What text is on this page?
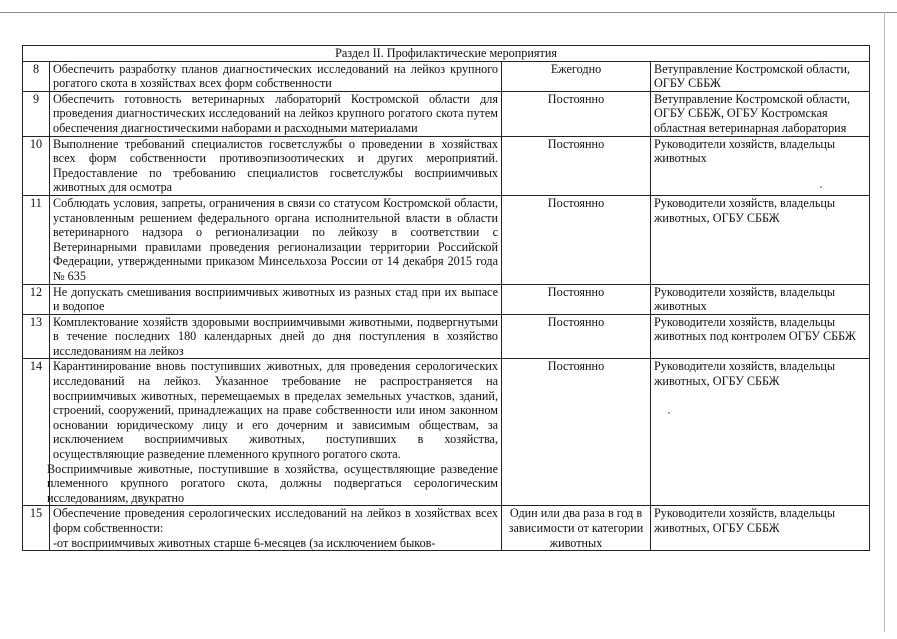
Раздел II. Профилактические мероприятия			
8	Обеспечить разработку планов диагностических исследований на лейкоз крупного рогатого скота в хозяйствах всех форм собственности	Ежегодно	Ветуправление Костромской области, ОГБУ СББЖ
9	Обеспечить готовность ветеринарных лабораторий Костромской области для проведения диагностических исследований на лейкоз крупного рогатого скота путем обеспечения диагностическими наборами и расходными материалами	Постоянно	Ветуправление Костромской области, ОГБУ СББЖ, ОГБУ Костромская областная ветеринарная лаборатория
10	Выполнение требований специалистов госветслужбы о проведении в хозяйствах всех форм собственности противоэпизоотических и других мероприятий. Предоставление по требованию специалистов госветслужбы восприимчивых животных для осмотра	Постоянно	Руководители хозяйств, владельцы животных
11	Соблюдать условия, запреты, ограничения в связи со статусом Костромской области, установленным решением федерального органа исполнительной власти в области ветеринарного надзора о регионализации по лейкозу в соответствии с Ветеринарными правилами проведения регионализации территории Российской Федерации, утвержденными приказом Минсельхоза России от 14 декабря 2015 года № 635	Постоянно	Руководители хозяйств, владельцы животных, ОГБУ СББЖ
12	Не допускать смешивания восприимчивых животных из разных стад при их выпасе и водопое	Постоянно	Руководители хозяйств, владельцы животных
13	Комплектование хозяйств здоровыми восприимчивыми животными, подвергнутыми в течение последних 180 календарных дней до дня поступления в хозяйство исследованиям на лейкоз	Постоянно	Руководители хозяйств, владельцы животных под контролем ОГБУ СББЖ
14	Карантинирование вновь поступивших животных, для проведения серологических исследований на лейкоз. Указанное требование не распространяется на восприимчивых животных, перемещаемых в пределах земельных участков, зданий, строений, сооружений, принадлежащих на праве собственности или ином законном основании юридическому лицу и его дочерним и зависимым обществам, за исключением восприимчивых животных, поступивших в хозяйства, осуществляющие разведение племенного крупного рогатого скота.
Восприимчивые животные, поступившие в хозяйства, осуществляющие разведение племенного крупного рогатого скота, должны подвергаться серологическим исследованиям, двукратно	Постоянно	Руководители хозяйств, владельцы животных, ОГБУ СББЖ
15	Обеспечение проведения серологических исследований на лейкоз в хозяйствах всех форм собственности:
-от восприимчивых животных старше 6-месяцев (за исключением быков-	Один или два раза в год в зависимости от категории животных	Руководители хозяйств, владельцы животных, ОГБУ СББЖ
